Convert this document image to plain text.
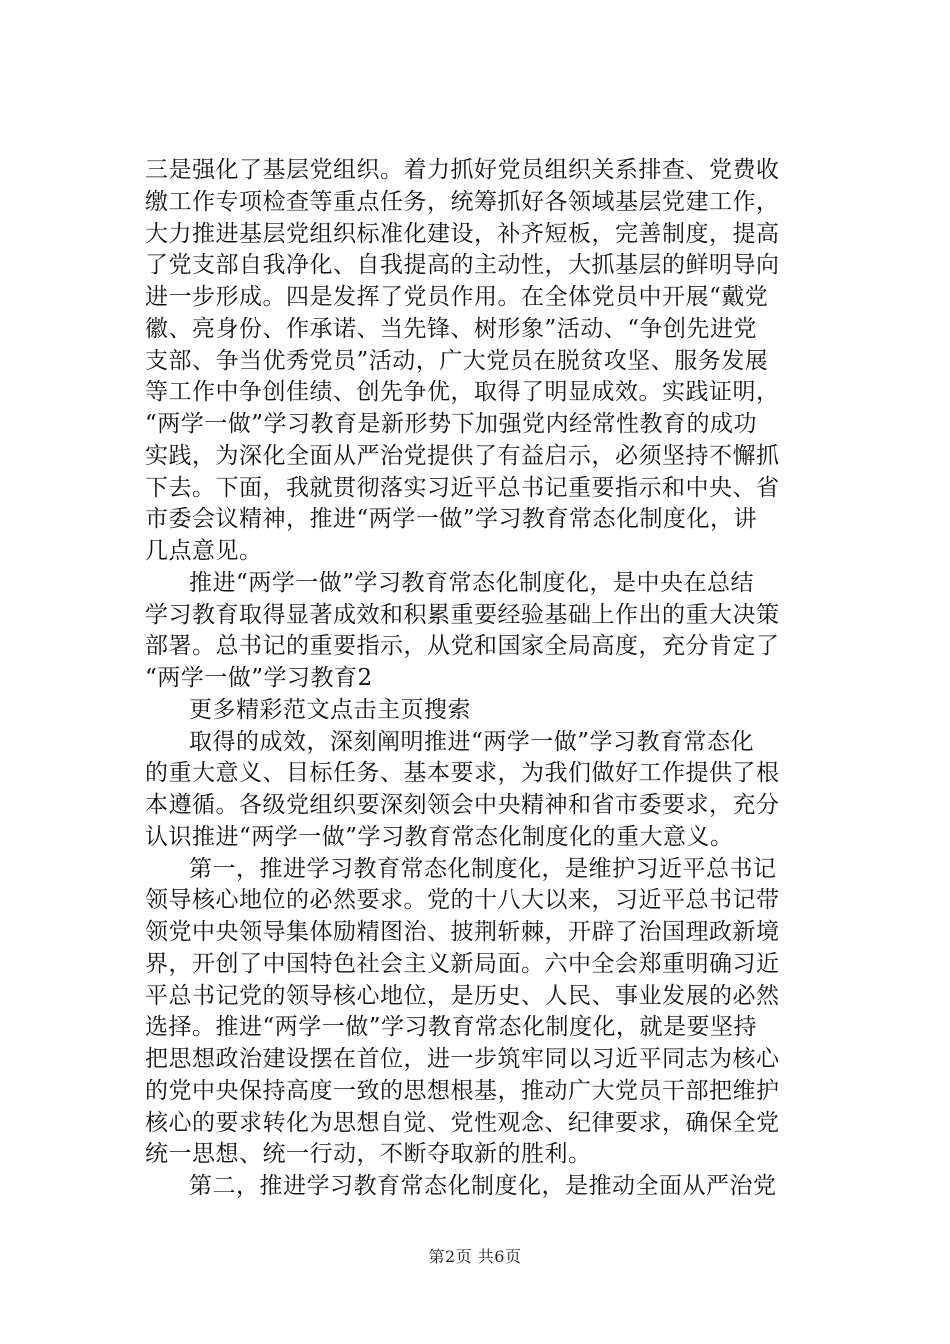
三是强化了基层党组织。着力抓好党员组织关系排查、党费收
缴工作专项检查等重点任务，统筹抓好各领域基层党建工作，
大力推进基层党组织标准化建设，补齐短板，完善制度，提高
了党支部自我净化、自我提高的主动性，大抓基层的鲜明导向
进一步形成。四是发挥了党员作用。在全体党员中开展“戴党
徽、亮身份、作承诺、当先锋、树形象”活动、“争创先进党
支部、争当优秀党员”活动，广大党员在脱贫攻坚、服务发展
等工作中争创佳绩、创先争优，取得了明显成效。实践证明，
“两学一做”学习教育是新形势下加强党内经常性教育的成功
实践，为深化全面从严治党提供了有益启示，必须坚持不懈抓
下去。下面，我就贯彻落实习近平总书记重要指示和中央、省
市委会议精神，推进“两学一做”学习教育常态化制度化，讲
几点意见。
推进“两学一做”学习教育常态化制度化，是中央在总结
学习教育取得显著成效和积累重要经验基础上作出的重大决策
部署。总书记的重要指示，从党和国家全局高度，充分肯定了
“两学一做”学习教育2
更多精彩范文点击主页搜索
取得的成效，深刻阐明推进“两学一做”学习教育常态化
的重大意义、目标任务、基本要求，为我们做好工作提供了根
本遵循。各级党组织要深刻领会中央精神和省市委要求，充分
认识推进“两学一做”学习教育常态化制度化的重大意义。
第一，推进学习教育常态化制度化，是维护习近平总书记
领导核心地位的必然要求。党的十八大以来，习近平总书记带
领党中央领导集体励精图治、披荆斩棘，开辟了治国理政新境
界，开创了中国特色社会主义新局面。六中全会郑重明确习近
平总书记党的领导核心地位，是历史、人民、事业发展的必然
选择。推进“两学一做”学习教育常态化制度化，就是要坚持
把思想政治建设摆在首位，进一步筑牢同以习近平同志为核心
的党中央保持高度一致的思想根基，推动广大党员干部把维护
核心的要求转化为思想自觉、党性观念、纪律要求，确保全党
统一思想、统一行动，不断夺取新的胜利。
第二，推进学习教育常态化制度化，是推动全面从严治党
第2页 共6页
